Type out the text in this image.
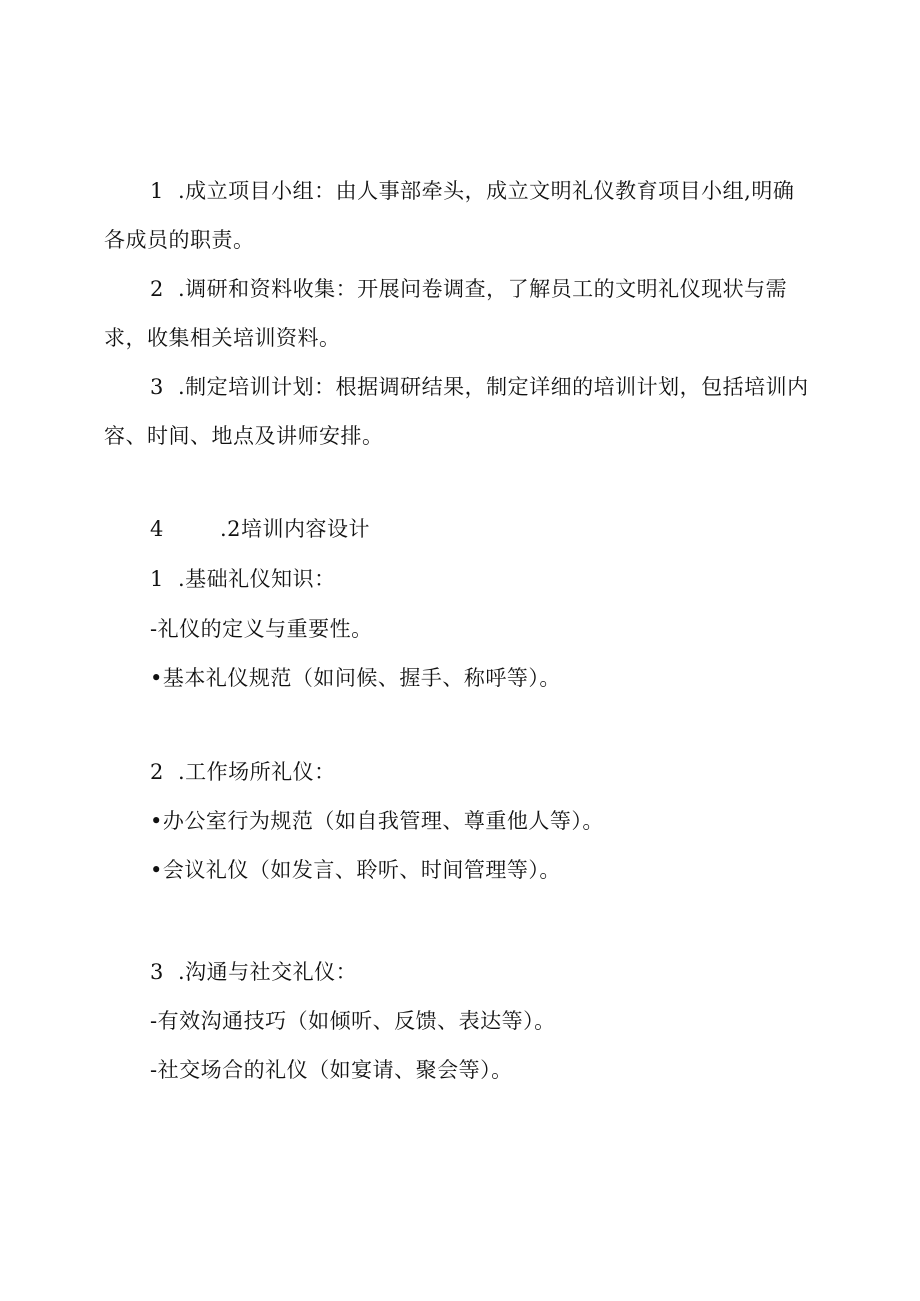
1 .成立项目小组：由人事部牵头，成立文明礼仪教育项目小组,明确
各成员的职责。
2 .调研和资料收集：开展问卷调查，了解员工的文明礼仪现状与需
求，收集相关培训资料。
3 .制定培训计划：根据调研结果，制定详细的培训计划，包括培训内
容、时间、地点及讲师安排。
4	.2培训内容设计
1 .基础礼仪知识：
-礼仪的定义与重要性。
•基本礼仪规范（如问候、握手、称呼等）。
2 .工作场所礼仪：
•办公室行为规范（如自我管理、尊重他人等）。
•会议礼仪（如发言、聆听、时间管理等）。
3 .沟通与社交礼仪：
-有效沟通技巧（如倾听、反馈、表达等）。
-社交场合的礼仪（如宴请、聚会等）。
